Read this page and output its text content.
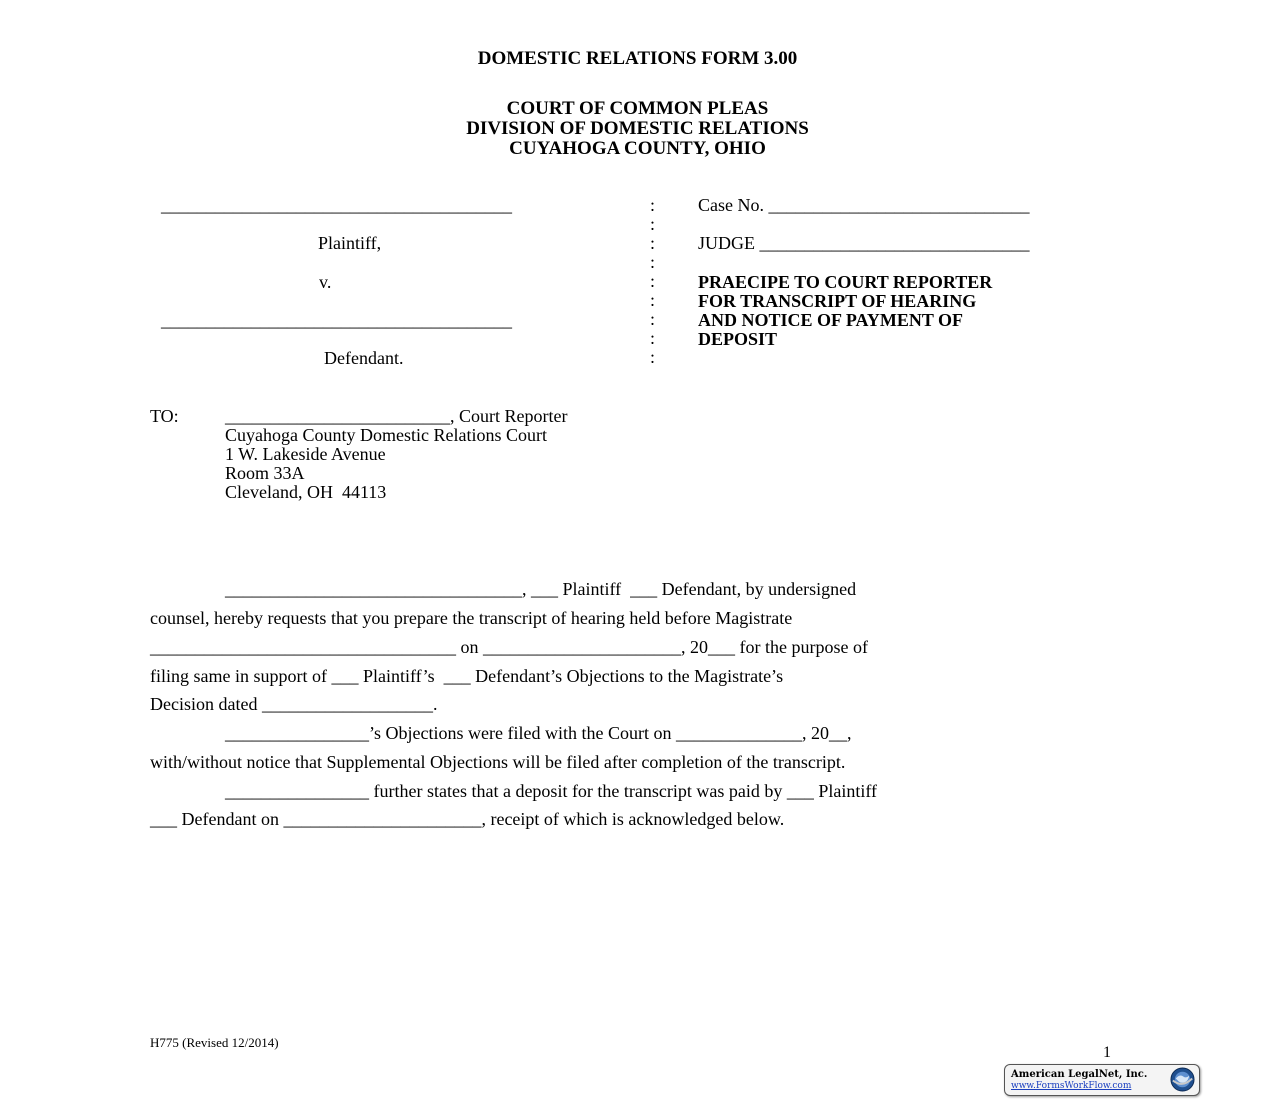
DOMESTIC RELATIONS FORM 3.00
COURT OF COMMON PLEAS
DIVISION OF DOMESTIC RELATIONS
CUYAHOGA COUNTY, OHIO
_______________________________________
Plaintiff,
v.
_______________________________________
Defendant.
:
:
:
:
:
:
:
:
:
Case No. _____________________________
JUDGE ______________________________
PRAECIPE TO COURT REPORTER
FOR TRANSCRIPT OF HEARING
AND NOTICE OF PAYMENT OF
DEPOSIT
TO:	_________________________, Court Reporter
Cuyahoga County Domestic Relations Court
1 W. Lakeside Avenue
Room 33A
Cleveland, OH  44113
_________________________________, ___ Plaintiff  ___ Defendant, by undersigned
counsel, hereby requests that you prepare the transcript of hearing held before Magistrate
__________________________________ on ______________________, 20___ for the purpose of
filing same in support of ___ Plaintiff’s  ___ Defendant’s Objections to the Magistrate’s
Decision dated ___________________.
________________’s Objections were filed with the Court on ______________, 20__,
with/without notice that Supplemental Objections will be filed after completion of the transcript.
________________ further states that a deposit for the transcript was paid by ___ Plaintiff
___ Defendant on ______________________, receipt of which is acknowledged below.
H775 (Revised 12/2014)
1
American LegalNet, Inc.
www.FormsWorkFlow.com
